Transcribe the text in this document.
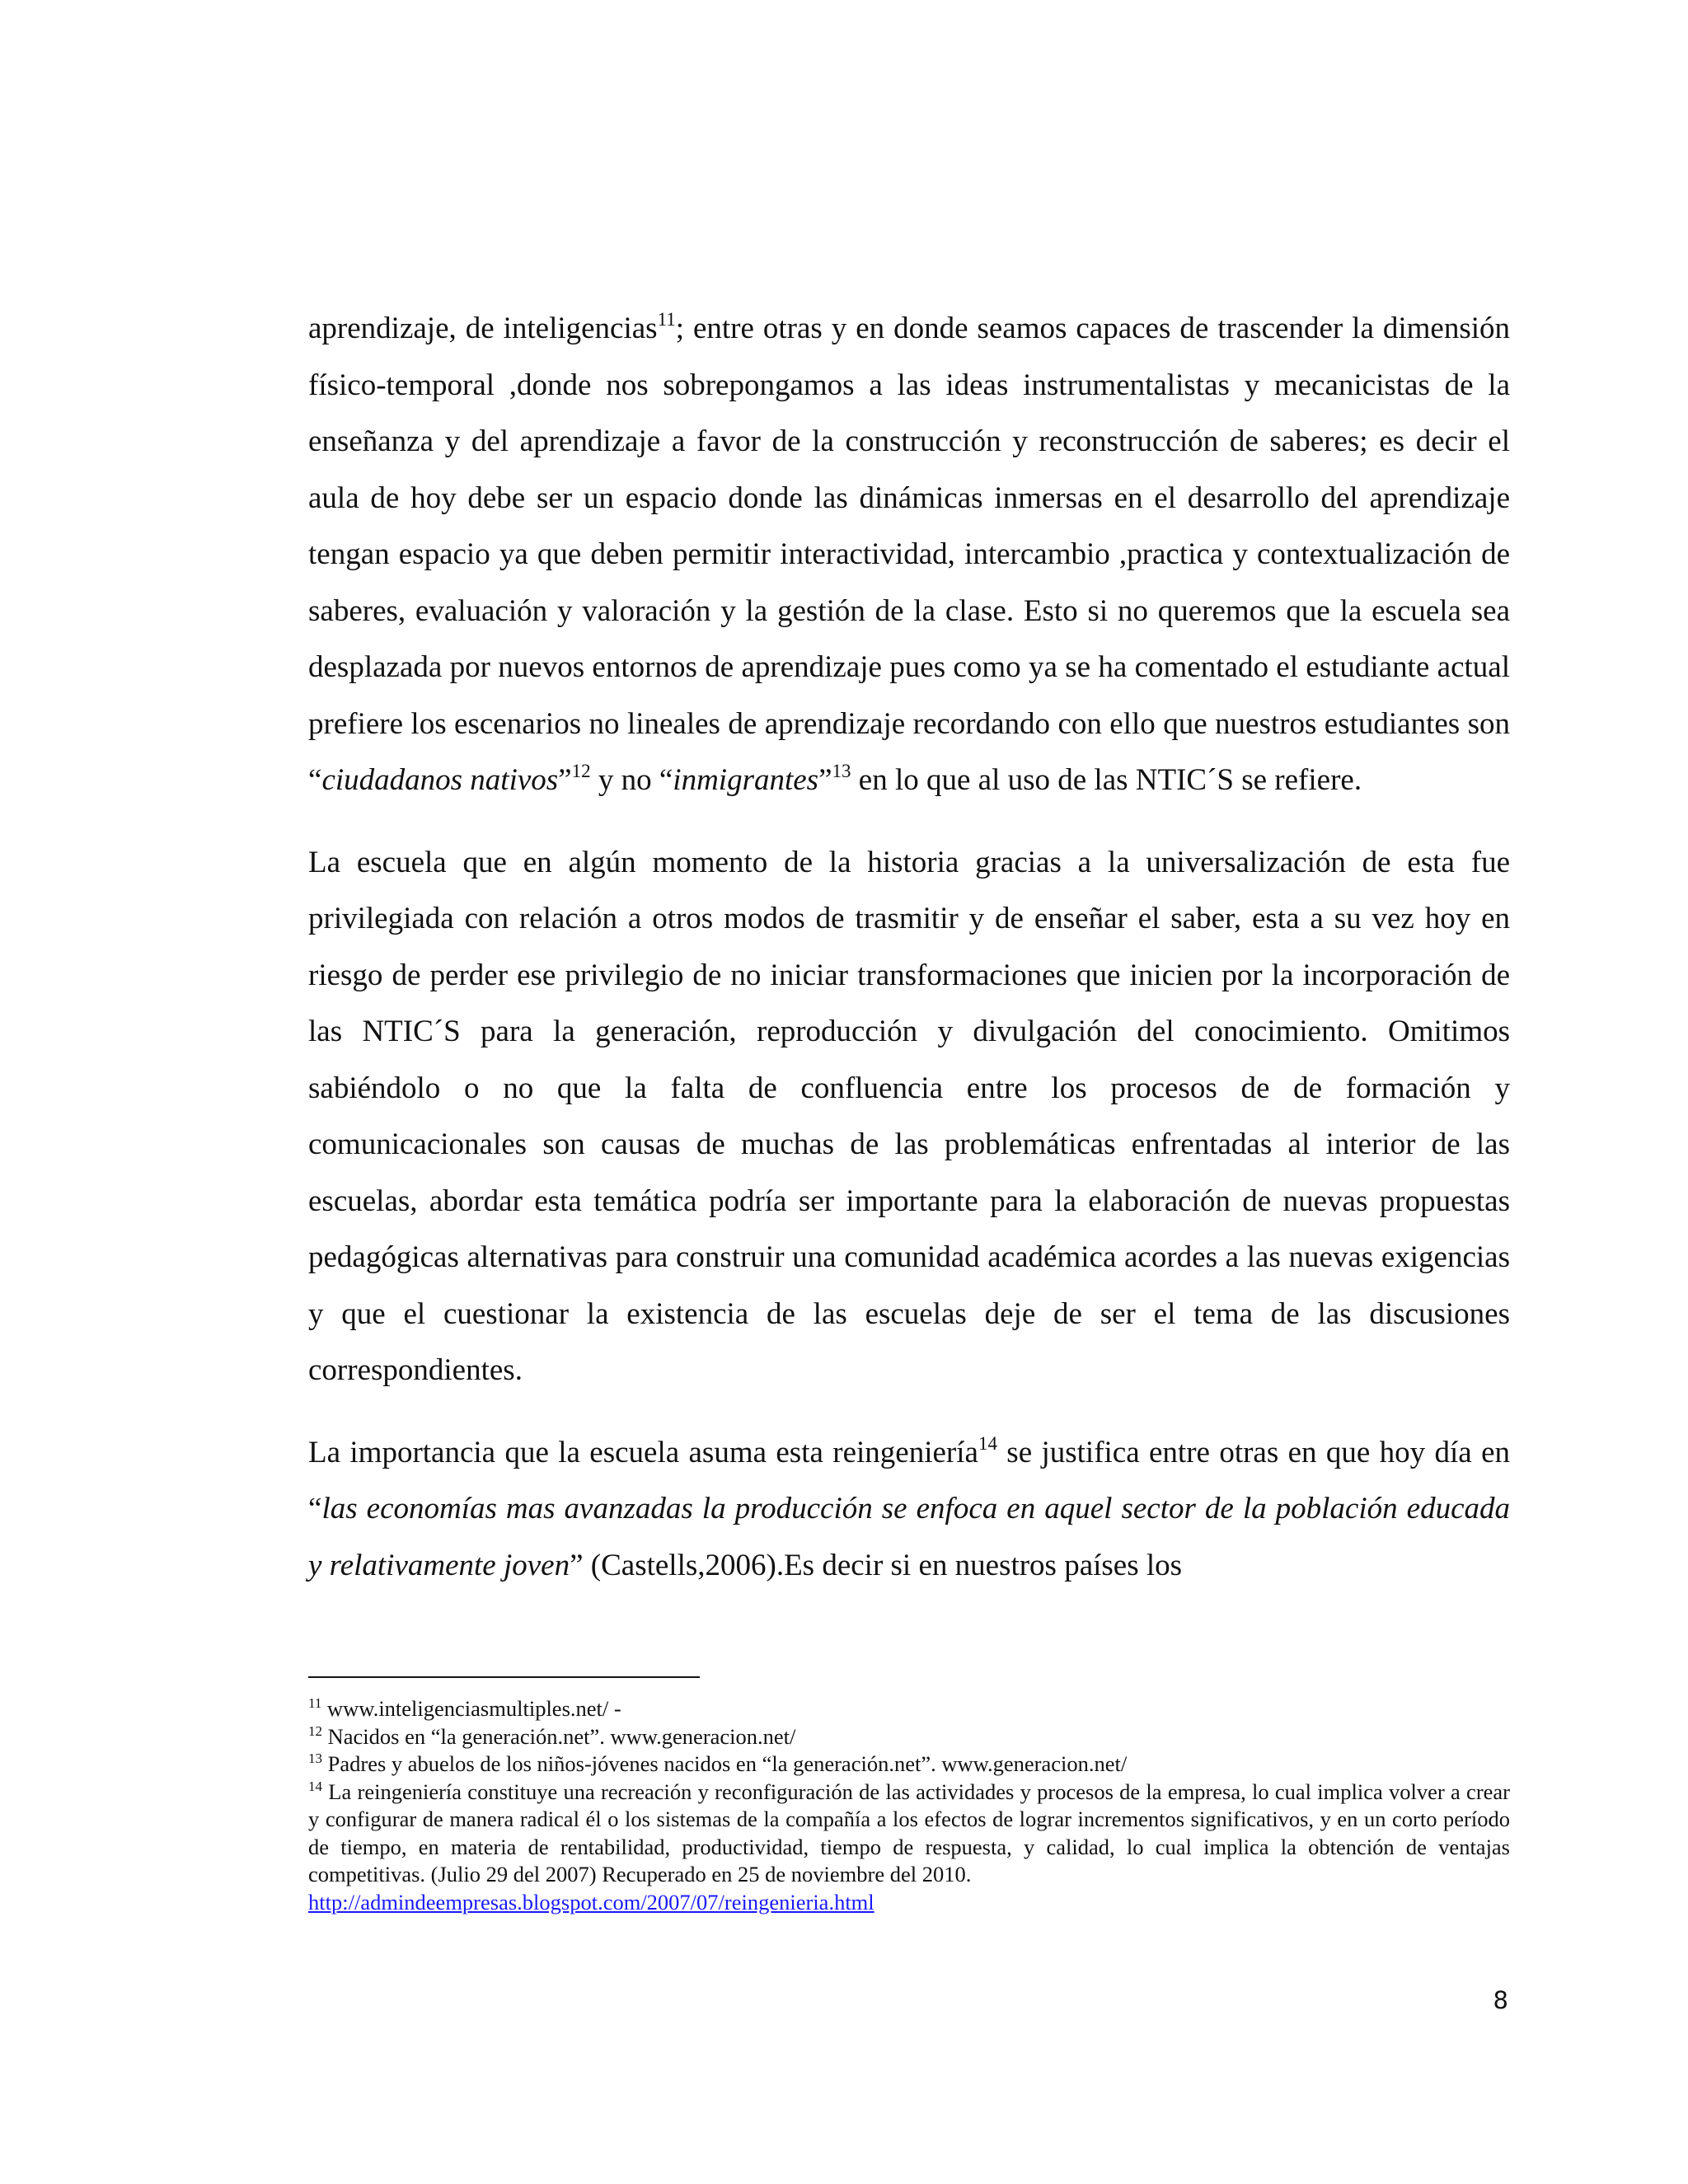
aprendizaje, de inteligencias$^{11}$; entre otras y en donde seamos capaces de trascender la dimensión físico-temporal ,donde nos sobrepongamos a las ideas instrumentalistas y mecanicistas de la enseñanza y del aprendizaje a favor de la construcción y reconstrucción de saberes; es decir el aula de hoy debe ser un espacio donde las dinámicas inmersas en el desarrollo del aprendizaje tengan espacio ya que deben permitir interactividad, intercambio ,practica y contextualización de saberes, evaluación y valoración y la gestión de la clase. Esto si no queremos que la escuela sea desplazada por nuevos entornos de aprendizaje pues como ya se ha comentado el estudiante actual prefiere los escenarios no lineales de aprendizaje recordando con ello que nuestros estudiantes son “ciudadanos nativos”$^{12}$ y no “inmigrantes”$^{13}$ en lo que al uso de las NTIC´S se refiere.

La escuela que en algún momento de la historia gracias a la universalización de esta fue privilegiada con relación a otros modos de trasmitir y de enseñar el saber, esta a su vez hoy en riesgo de perder ese privilegio de no iniciar transformaciones que inicien por la incorporación de las NTIC´S para la generación, reproducción y divulgación del conocimiento. Omitimos sabiéndolo o no que la falta de confluencia entre los procesos de de formación y comunicacionales son causas de muchas de las problemáticas enfrentadas al interior de las escuelas, abordar esta temática podría ser importante para la elaboración de nuevas propuestas pedagógicas alternativas para construir una comunidad académica acordes a las nuevas exigencias y que el cuestionar la existencia de las escuelas deje de ser el tema de las discusiones correspondientes.

La importancia que la escuela asuma esta reingeniería$^{14}$ se justifica entre otras en que hoy día en “las economías mas avanzadas la producción se enfoca en aquel sector de la población educada y relativamente joven” (Castells,2006).Es decir si en nuestros países los

$^{11}$ www.inteligenciasmultiples.net/ -

$^{12}$ Nacidos en “la generación.net”. www.generacion.net/

$^{13}$ Padres y abuelos de los niños-jóvenes nacidos en “la generación.net”. www.generacion.net/

$^{14}$ La reingeniería constituye una recreación y reconfiguración de las actividades y procesos de la empresa, lo cual implica volver a crear y configurar de manera radical él o los sistemas de la compañía a los efectos de lograr incrementos significativos, y en un corto período de tiempo, en materia de rentabilidad, productividad, tiempo de respuesta, y calidad, lo cual implica la obtención de ventajas competitivas. (Julio 29 del 2007) Recuperado en 25 de noviembre del 2010.
http://admindeempresas.blogspot.com/2007/07/reingenieria.html

8
